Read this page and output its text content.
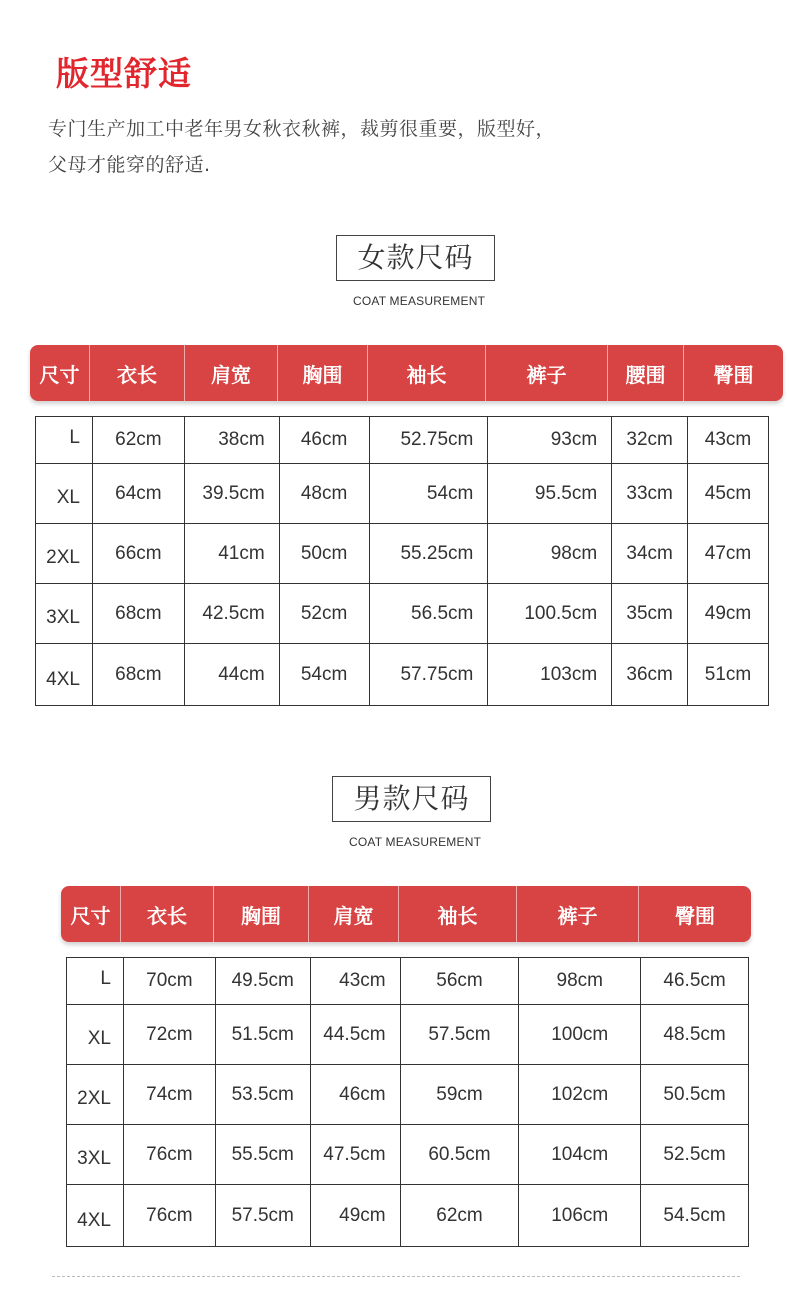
版型舒适
专门生产加工中老年男女秋衣秋裤，裁剪很重要，版型好，
父母才能穿的舒适.
女款尺码
COAT MEASUREMENT
尺寸	衣长	肩宽	胸围	袖长	裤子	腰围	臀围
L	62cm	38cm	46cm	52.75cm	93cm	32cm	43cm
XL	64cm	39.5cm	48cm	54cm	95.5cm	33cm	45cm
2XL	66cm	41cm	50cm	55.25cm	98cm	34cm	47cm
3XL	68cm	42.5cm	52cm	56.5cm	100.5cm	35cm	49cm
4XL	68cm	44cm	54cm	57.75cm	103cm	36cm	51cm
男款尺码
COAT MEASUREMENT
尺寸	衣长	胸围	肩宽	袖长	裤子	臀围
L	70cm	49.5cm	43cm	56cm	98cm	46.5cm
XL	72cm	51.5cm	44.5cm	57.5cm	100cm	48.5cm
2XL	74cm	53.5cm	46cm	59cm	102cm	50.5cm
3XL	76cm	55.5cm	47.5cm	60.5cm	104cm	52.5cm
4XL	76cm	57.5cm	49cm	62cm	106cm	54.5cm
